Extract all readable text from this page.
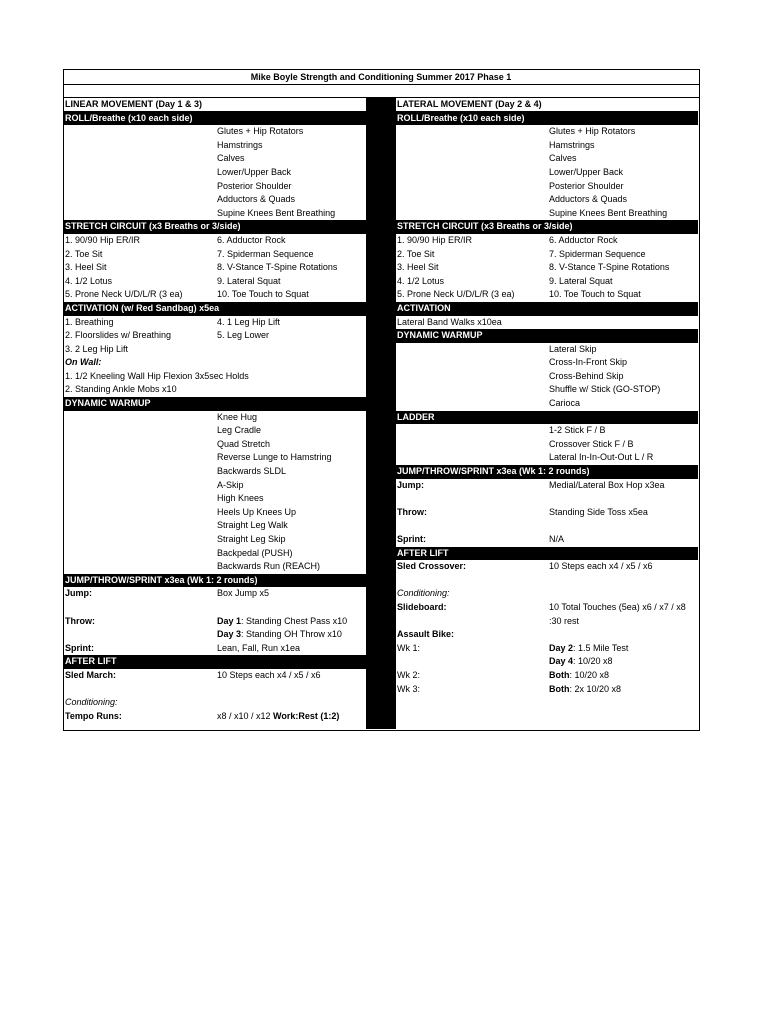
Mike Boyle Strength and Conditioning Summer 2017 Phase 1
LINEAR MOVEMENT (Day 1 & 3)
ROLL/Breathe (x10 each side)
Glutes + Hip Rotators
Hamstrings
Calves
Lower/Upper Back
Posterior Shoulder
Adductors & Quads
Supine Knees Bent Breathing
STRETCH CIRCUIT (x3 Breaths or 3/side)
1. 90/90 Hip ER/IR	6. Adductor Rock
2. Toe Sit	7. Spiderman Sequence
3. Heel Sit	8. V-Stance T-Spine Rotations
4. 1/2 Lotus	9. Lateral Squat
5. Prone Neck U/D/L/R (3 ea)	10. Toe Touch to Squat
ACTIVATION (w/ Red Sandbag) x5ea
1. Breathing	4. 1 Leg Hip Lift
2. Floorslides w/ Breathing	5. Leg Lower
3. 2 Leg Hip Lift
On Wall:
1. 1/2 Kneeling Wall Hip Flexion 3x5sec Holds
2. Standing Ankle Mobs x10
DYNAMIC WARMUP
Knee Hug
Leg Cradle
Quad Stretch
Reverse Lunge to Hamstring
Backwards SLDL
A-Skip
High Knees
Heels Up Knees Up
Straight Leg Walk
Straight Leg Skip
Backpedal (PUSH)
Backwards Run (REACH)
JUMP/THROW/SPRINT x3ea (Wk 1: 2 rounds)
Jump:	Box Jump x5
Throw:	Day 1: Standing Chest Pass x10
Day 3: Standing OH Throw x10
Sprint:	Lean, Fall, Run x1ea
AFTER LIFT
Sled March:	10 Steps each x4 / x5 / x6
Conditioning:
Tempo Runs:	x8 / x10 / x12 Work:Rest (1:2)
LATERAL MOVEMENT (Day 2 & 4)
ROLL/Breathe (x10 each side)
Glutes + Hip Rotators
Hamstrings
Calves
Lower/Upper Back
Posterior Shoulder
Adductors & Quads
Supine Knees Bent Breathing
STRETCH CIRCUIT (x3 Breaths or 3/side)
1. 90/90 Hip ER/IR	6. Adductor Rock
2. Toe Sit	7. Spiderman Sequence
3. Heel Sit	8. V-Stance T-Spine Rotations
4. 1/2 Lotus	9. Lateral Squat
5. Prone Neck U/D/L/R (3 ea)	10. Toe Touch to Squat
ACTIVATION
Lateral Band Walks x10ea
DYNAMIC WARMUP
Lateral Skip
Cross-In-Front Skip
Cross-Behind Skip
Shuffle w/ Stick (GO-STOP)
Carioca
LADDER
1-2 Stick F / B
Crossover Stick F / B
Lateral In-In-Out-Out L / R
JUMP/THROW/SPRINT x3ea (Wk 1: 2 rounds)
Jump:	Medial/Lateral Box Hop x3ea
Throw:	Standing Side Toss x5ea
Sprint:	N/A
AFTER LIFT
Sled Crossover:	10 Steps each x4 / x5 / x6
Conditioning:
Slideboard:	10 Total Touches (5ea) x6 / x7 / x8
:30 rest
Assault Bike:
Wk 1:	Day 2: 1.5 Mile Test
Day 4: 10/20 x8
Wk 2:	Both: 10/20 x8
Wk 3:	Both: 2x 10/20 x8
